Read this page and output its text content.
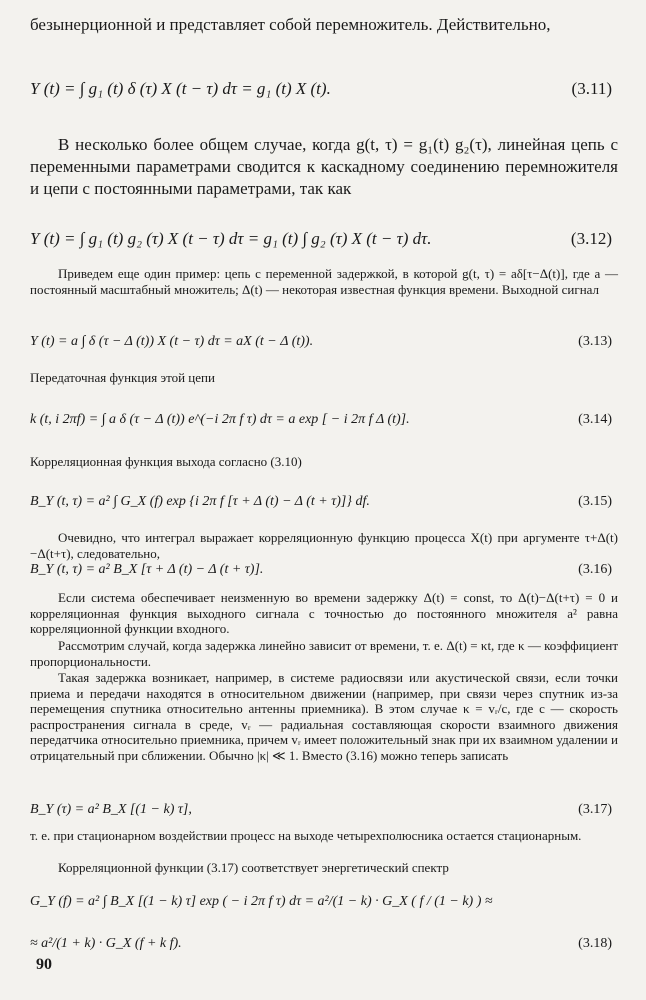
безынерционной и представляет собой перемножитель. Действительно,

Y (t) = ∫ g₁ (t) δ (τ) X (t − τ) dτ = g₁ (t) X (t).	(3.11)

В несколько более общем случае, когда g(t, τ) = g₁(t) g₂(τ), линейная цепь с переменными параметрами сводится к каскадному соединению перемножителя и цепи с постоянными параметрами, так как

Y (t) = ∫ g₁ (t) g₂ (τ) X (t − τ) dτ = g₁ (t) ∫ g₂ (τ) X (t − τ) dτ.	(3.12)

Приведем еще один пример: цепь с переменной задержкой, в которой g(t, τ) = aδ[τ−Δ(t)], где a — постоянный масштабный множитель; Δ(t) — некоторая известная функция времени. Выходной сигнал

Y (t) = a ∫ δ (τ − Δ (t)) X (t − τ) dτ = aX (t − Δ (t)).	(3.13)

Передаточная функция этой цепи

k (t, i 2πf) = ∫ a δ (τ − Δ (t)) e^(−i 2π f τ) dτ = a exp [ − i 2π f Δ (t)].	(3.14)

Корреляционная функция выхода согласно (3.10)

B_Y (t, τ) = a² ∫ G_X (f) exp {i 2π f [τ + Δ (t) − Δ (t + τ)]} df.	(3.15)

Очевидно, что интеграл выражает корреляционную функцию процесса X(t) при аргументе τ+Δ(t)−Δ(t+τ), следовательно,

B_Y (t, τ) = a² B_X [τ + Δ (t) − Δ (t + τ)].	(3.16)

Если система обеспечивает неизменную во времени задержку Δ(t) = const, то Δ(t)−Δ(t+τ) = 0 и корреляционная функция выходного сигнала с точностью до постоянного множителя a² равна корреляционной функции входного.

Рассмотрим случай, когда задержка линейно зависит от времени, т. е. Δ(t) = κt, где κ — коэффициент пропорциональности.

Такая задержка возникает, например, в системе радиосвязи или акустической связи, если точки приема и передачи находятся в относительном движении (например, при связи через спутник из-за перемещения спутника относительно антенны приемника). В этом случае κ = vᵣ/c, где c — скорость распространения сигнала в среде, vᵣ — радиальная составляющая скорости взаимного движения передатчика относительно приемника, причем vᵣ имеет положительный знак при их взаимном удалении и отрицательный при сближении. Обычно |κ| ≪ 1. Вместо (3.16) можно теперь записать

B_Y (τ) = a² B_X [(1 − k) τ],	(3.17)

т. е. при стационарном воздействии процесс на выходе четырехполюсника остается стационарным.

Корреляционной функции (3.17) соответствует энергетический спектр

G_Y (f) = a² ∫ B_X [(1 − k) τ] exp ( − i 2π f τ) dτ = a²/(1 − k) · G_X ( f / (1 − k) ) ≈
≈ a²/(1 + k) · G_X (f + k f).	(3.18)
90
